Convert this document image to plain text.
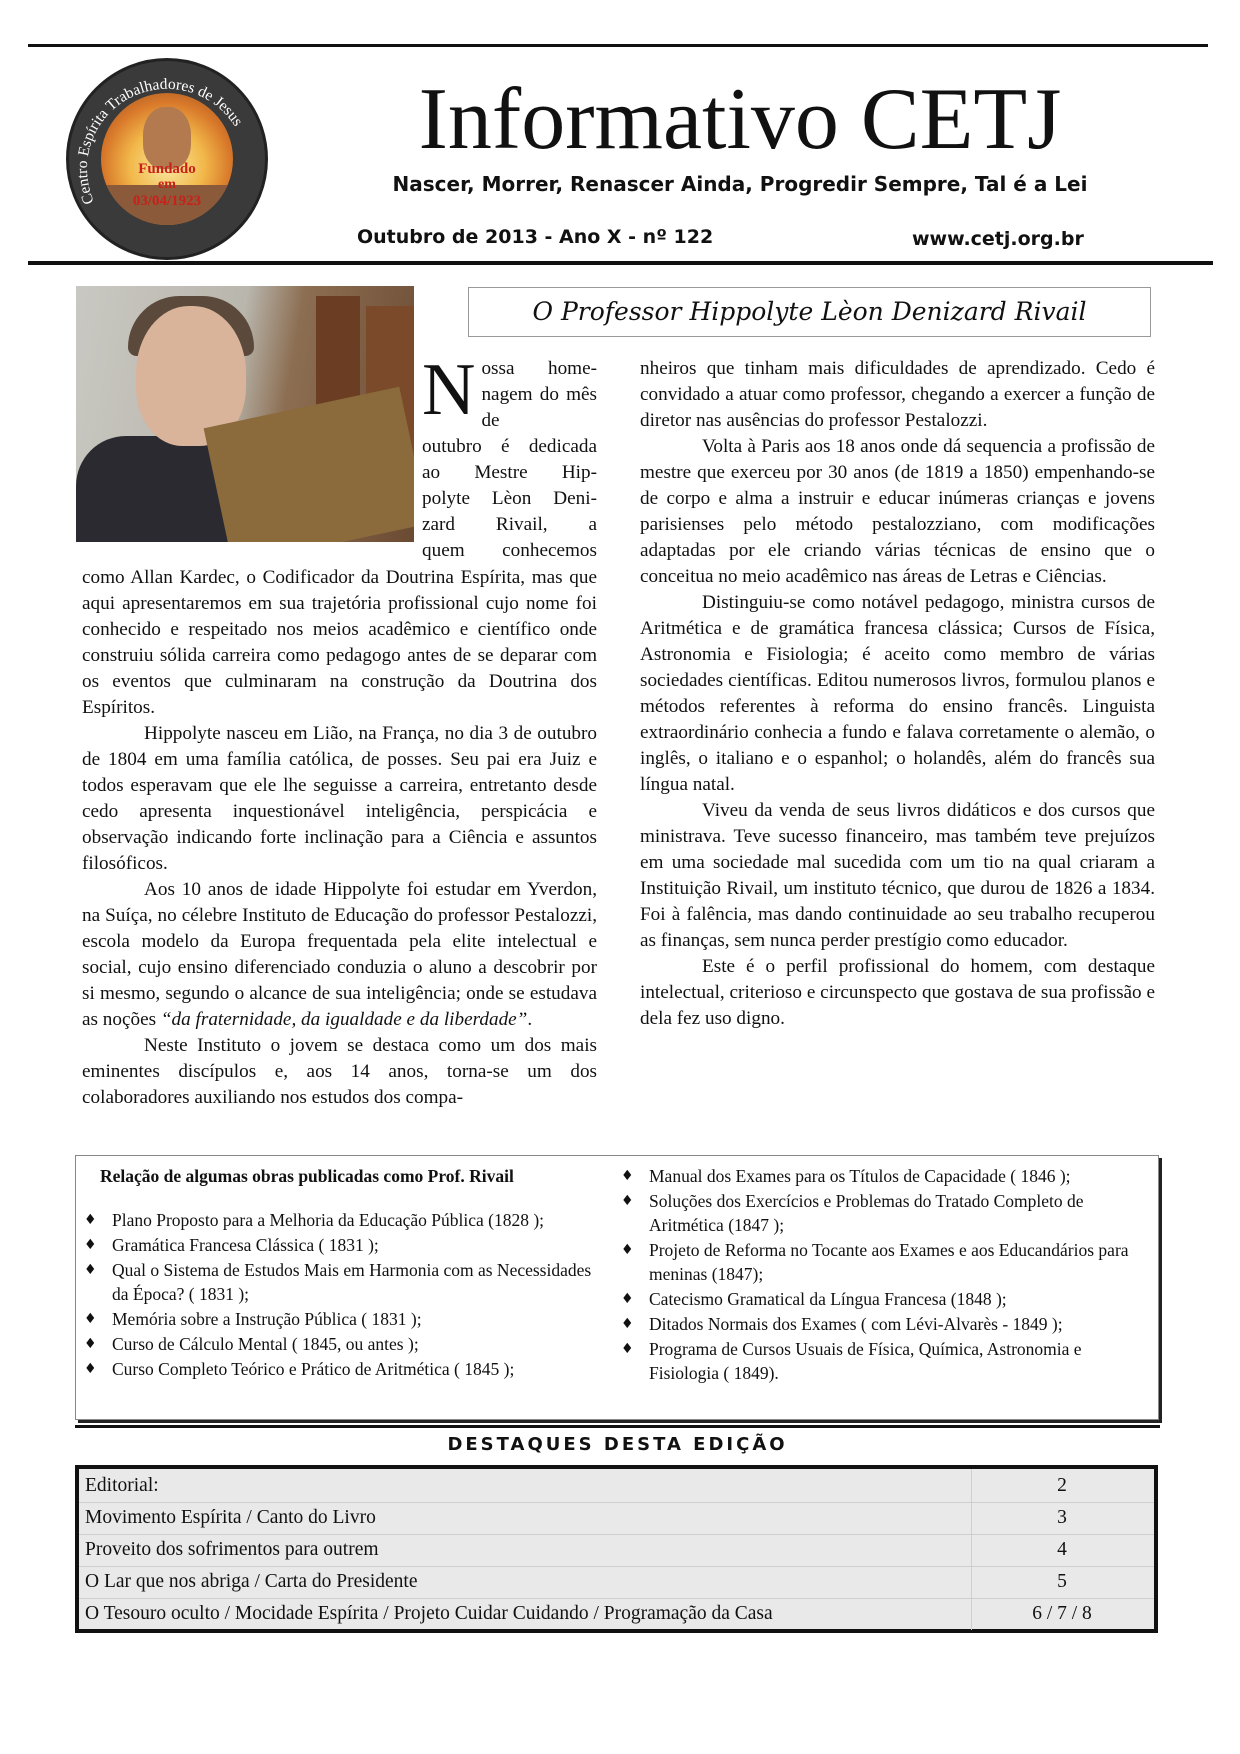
Centro Espírita Trabalhadores de Jesus
Fundado
em
03/04/1923
Informativo CETJ
Nascer, Morrer, Renascer Ainda, Progredir Sempre, Tal é a Lei
Outubro de 2013 - Ano X - nº 122	www.cetj.org.br
O Professor Hippolyte Lèon Denizard Rivail
N ossa home-
nagem do mês de
outubro é dedicada
ao Mestre Hip-
polyte Lèon Deni-
zard Rivail, a
quem conhecemos

como Allan Kardec, o Codificador da Doutrina Espírita, mas que aqui apresentaremos em sua trajetória profissional cujo nome foi conhecido e respeitado nos meios acadêmico e científico onde construiu sólida carreira como pedagogo antes de se deparar com os eventos que culminaram na construção da Doutrina dos Espíritos.

Hippolyte nasceu em Lião, na França, no dia 3 de outubro de 1804 em uma família católica, de posses. Seu pai era Juiz e todos esperavam que ele lhe seguisse a carreira, entretanto desde cedo apresenta inquestionável inteligência, perspicácia e observação indicando forte inclinação para a Ciência e assuntos filosóficos.

Aos 10 anos de idade Hippolyte foi estudar em Yverdon, na Suíça, no célebre Instituto de Educação do professor Pestalozzi, escola modelo da Europa frequentada pela elite intelectual e social, cujo ensino diferenciado conduzia o aluno a descobrir por si mesmo, segundo o alcance de sua inteligência; onde se estudava as noções “da fraternidade, da igualdade e da liberdade”.

Neste Instituto o jovem se destaca como um dos mais eminentes discípulos e, aos 14 anos, torna-se um dos colaboradores auxiliando nos estudos dos compa-

nheiros que tinham mais dificuldades de aprendizado. Cedo é convidado a atuar como professor, chegando a exercer a função de diretor nas ausências do professor Pestalozzi.

Volta à Paris aos 18 anos onde dá sequencia a profissão de mestre que exerceu por 30 anos (de 1819 a 1850) empenhando-se de corpo e alma a instruir e educar inúmeras crianças e jovens parisienses pelo método pestalozziano, com modificações adaptadas por ele criando várias técnicas de ensino que o conceitua no meio acadêmico nas áreas de Letras e Ciências.

Distinguiu-se como notável pedagogo, ministra cursos de Aritmética e de gramática francesa clássica; Cursos de Física, Astronomia e Fisiologia; é aceito como membro de várias sociedades científicas. Editou numerosos livros, formulou planos e métodos referentes à reforma do ensino francês. Linguista extraordinário conhecia a fundo e falava corretamente o alemão, o inglês, o italiano e o espanhol; o holandês, além do francês sua língua natal.

Viveu da venda de seus livros didáticos e dos cursos que ministrava. Teve sucesso financeiro, mas também teve prejuízos em uma sociedade mal sucedida com um tio na qual criaram a Instituição Rivail, um instituto técnico, que durou de 1826 a 1834. Foi à falência, mas dando continuidade ao seu trabalho recuperou as finanças, sem nunca perder prestígio como educador.

Este é o perfil profissional do homem, com destaque intelectual, criterioso e circunspecto que gostava de sua profissão e dela fez uso digno.

Relação de algumas obras publicadas como Prof. Rivail
♦ Plano Proposto para a Melhoria da Educação Pública (1828 );
♦ Gramática Francesa Clássica ( 1831 );
♦ Qual o Sistema de Estudos Mais em Harmonia com as Necessidades da Época? ( 1831 );
♦ Memória sobre a Instrução Pública ( 1831 );
♦ Curso de Cálculo Mental ( 1845, ou antes );
♦ Curso Completo Teórico e Prático de Aritmética ( 1845 );
♦ Manual dos Exames para os Títulos de Capacidade ( 1846 );
♦ Soluções dos Exercícios e Problemas do Tratado Completo de Aritmética (1847 );
♦ Projeto de Reforma no Tocante aos Exames e aos Educandários para meninas (1847);
♦ Catecismo Gramatical da Língua Francesa (1848 );
♦ Ditados Normais dos Exames ( com Lévi-Alvarès - 1849 );
♦ Programa de Cursos Usuais de Física, Química, Astronomia e Fisiologia ( 1849).
DESTAQUES DESTA EDIÇÃO
Editorial:	2
Movimento Espírita / Canto do Livro	3
Proveito dos sofrimentos para outrem	4
O Lar que nos abriga / Carta do Presidente	5
O Tesouro oculto / Mocidade Espírita / Projeto Cuidar Cuidando / Programação da Casa	6 / 7 / 8
